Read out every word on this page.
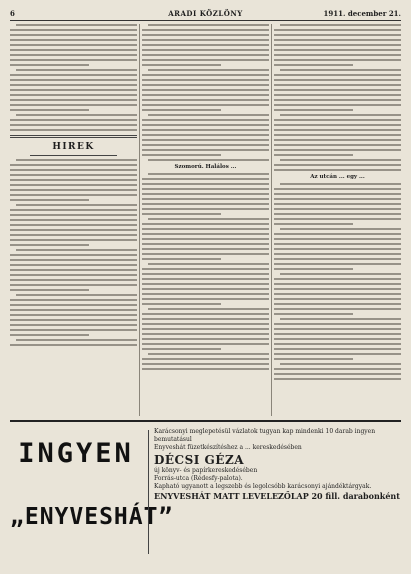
6	ARADI KÖZLÖNY	1911. december 21.
HIREK
Szomorú. Halálos ...
Az utcán ... egy ...
INGYEN
„ENYVESHÁT”
Karácsonyi meglepetésül vázlatok tugyan kap mindenki 10 darab ingyen bemutatásul
Enyveshát füzetkészítéshez a ... kereskedésében
DÉCSI GÉZA
új könyv- és papírkereskedésében
Forrás-utca (Rédesfy-palota).
Kapható ugyanott a legszebb és legolcsóbb karácsonyi ajándéktárgyak.
ENYVESHÁT MATT LEVELEZŐLAP 20 fill. darabonként
